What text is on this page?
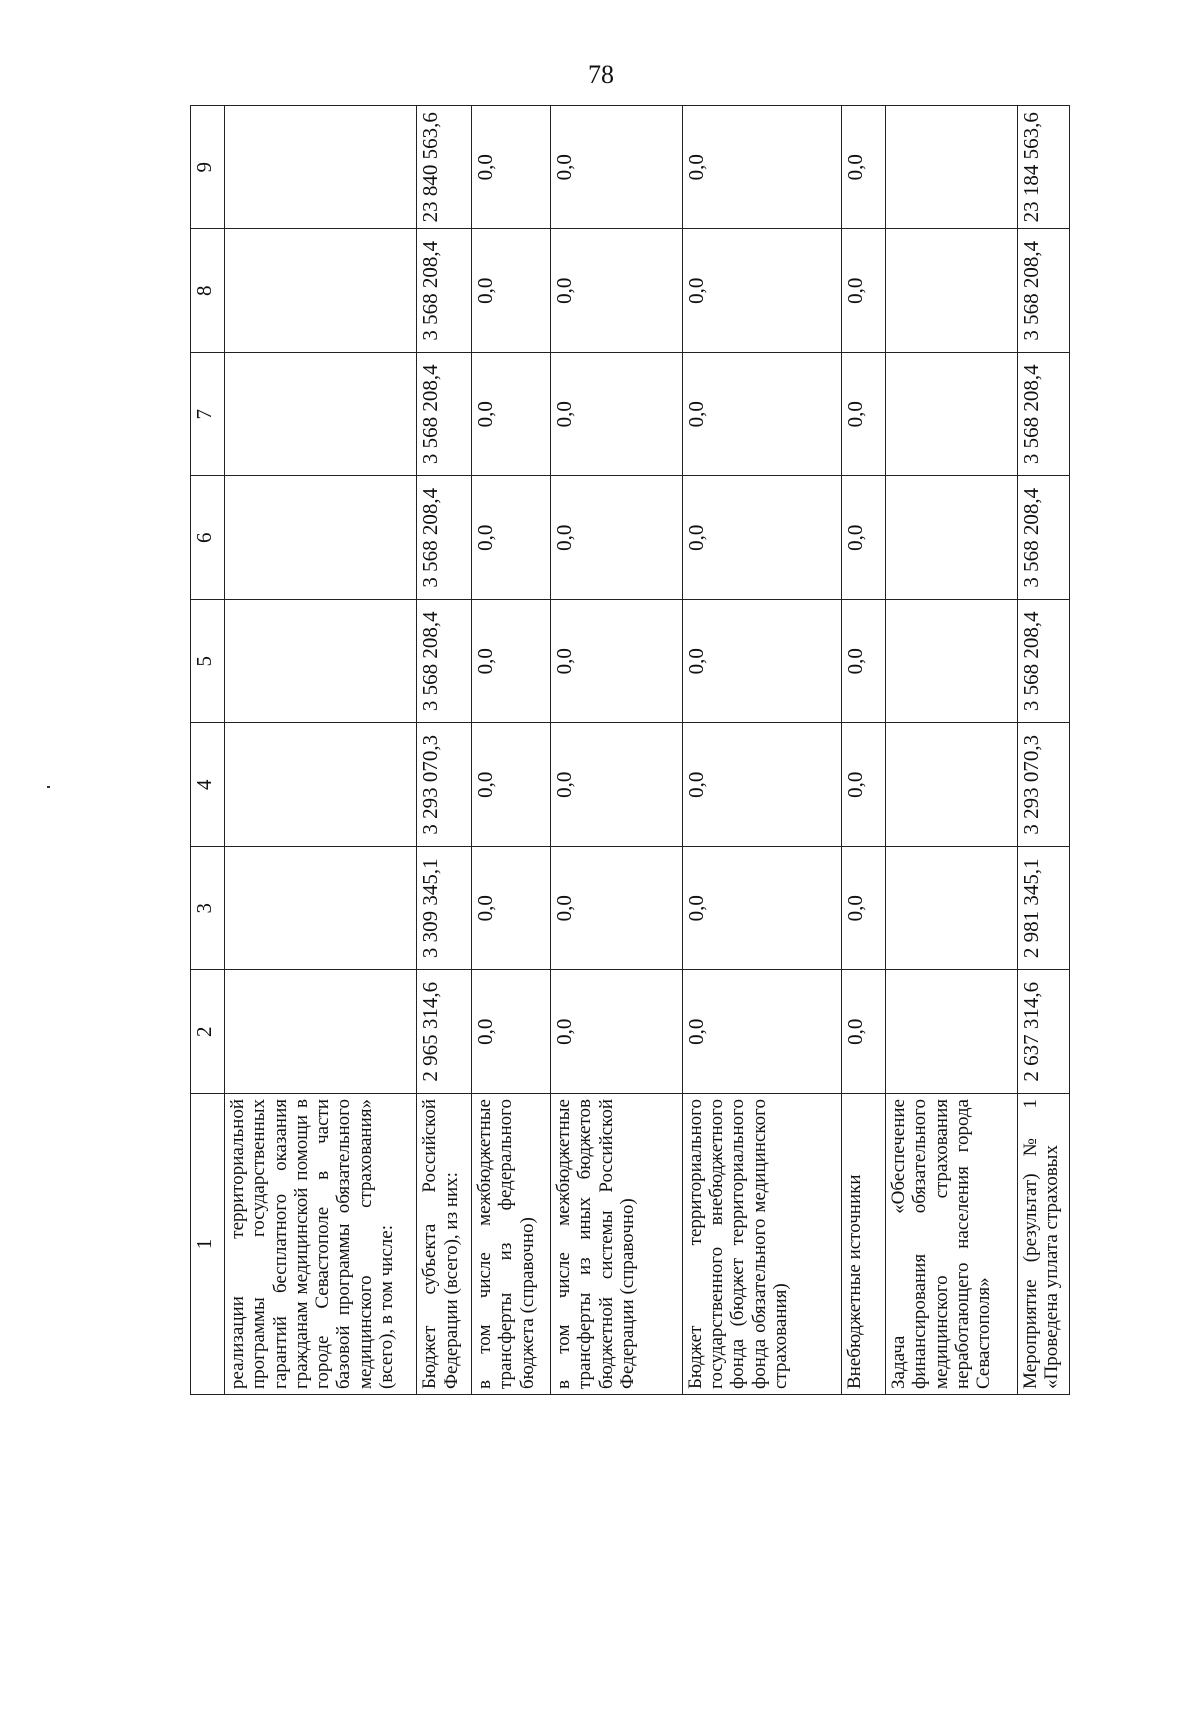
78
1	2	3	4	5	6	7	8	9
реализации территориальной программы государственных гарантий бесплатного оказания гражданам медицинской помощи в городе Севастополе в части базовой программы обязательного медицинского страхования» (всего), в том числе:								
Бюджет субъекта Российской Федерации (всего), из них:	2 965 314,6	3 309 345,1	3 293 070,3	3 568 208,4	3 568 208,4	3 568 208,4	3 568 208,4	23 840 563,6
в том числе межбюджетные трансферты из федерального бюджета (справочно)	0,0	0,0	0,0	0,0	0,0	0,0	0,0	0,0
в том числе межбюджетные трансферты из иных бюджетов бюджетной системы Российской Федерации (справочно)	0,0	0,0	0,0	0,0	0,0	0,0	0,0	0,0
Бюджет территориального государственного внебюджетного фонда (бюджет территориального фонда обязательного медицинского страхования)	0,0	0,0	0,0	0,0	0,0	0,0	0,0	0,0
Внебюджетные источники	0,0	0,0	0,0	0,0	0,0	0,0	0,0	0,0
Задача «Обеспечение финансирования обязательного медицинского страхования неработающего населения города Севастополя»								
Мероприятие (результат) № 1 «Проведена уплата страховых	2 637 314,6	2 981 345,1	3 293 070,3	3 568 208,4	3 568 208,4	3 568 208,4	3 568 208,4	23 184 563,6
